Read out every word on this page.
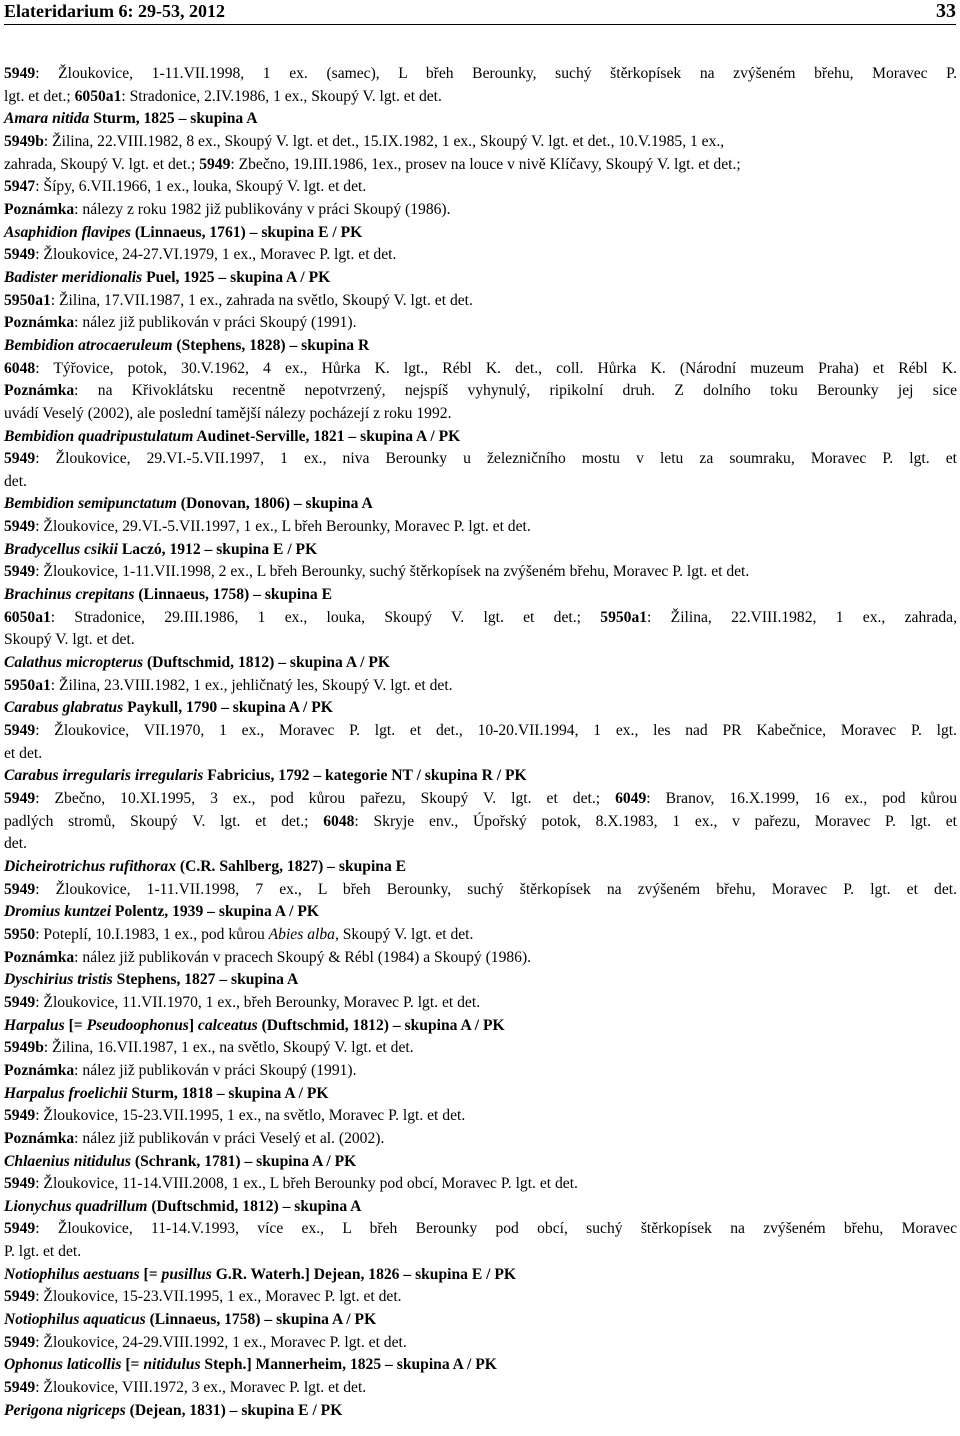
Elateridarium 6: 29-53, 2012	33
5949: Žloukovice, 1-11.VII.1998, 1 ex. (samec), L břeh Berounky, suchý štěrkopísek na zvýšeném břehu, Moravec P.
lgt. et det.; 6050a1: Stradonice, 2.IV.1986, 1 ex., Skoupý V. lgt. et det.
Amara nitida Sturm, 1825 – skupina A
5949b: Žilina, 22.VIII.1982, 8 ex., Skoupý V. lgt. et det., 15.IX.1982, 1 ex., Skoupý V. lgt. et det., 10.V.1985, 1 ex.,
zahrada, Skoupý V. lgt. et det.; 5949: Zbečno, 19.III.1986, 1ex., prosev na louce v nivě Klíčavy, Skoupý V. lgt. et det.;
5947: Šípy, 6.VII.1966, 1 ex., louka, Skoupý V. lgt. et det.
Poznámka: nálezy z roku 1982 již publikovány v práci Skoupý (1986).
Asaphidion flavipes (Linnaeus, 1761) – skupina E / PK
5949: Žloukovice, 24-27.VI.1979, 1 ex., Moravec P. lgt. et det.
Badister meridionalis Puel, 1925 – skupina A / PK
5950a1: Žilina, 17.VII.1987, 1 ex., zahrada na světlo, Skoupý V. lgt. et det.
Poznámka: nález již publikován v práci Skoupý (1991).
Bembidion atrocaeruleum (Stephens, 1828) – skupina R
6048: Týřovice, potok, 30.V.1962, 4 ex., Hůrka K. lgt., Rébl K. det., coll. Hůrka K. (Národní muzeum Praha) et Rébl K.
Poznámka: na Křivoklátsku recentně nepotvrzený, nejspíš vyhynulý, ripikolní druh. Z dolního toku Berounky jej sice
uvádí Veselý (2002), ale poslední tamější nálezy pocházejí z roku 1992.
Bembidion quadripustulatum Audinet-Serville, 1821 – skupina A / PK
5949: Žloukovice, 29.VI.-5.VII.1997, 1 ex., niva Berounky u železničního mostu v letu za soumraku, Moravec P. lgt. et
det.
Bembidion semipunctatum (Donovan, 1806) – skupina A
5949: Žloukovice, 29.VI.-5.VII.1997, 1 ex., L břeh Berounky, Moravec P. lgt. et det.
Bradycellus csikii Laczó, 1912 – skupina E / PK
5949: Žloukovice, 1-11.VII.1998, 2 ex., L břeh Berounky, suchý štěrkopísek na zvýšeném břehu, Moravec P. lgt. et det.
Brachinus crepitans (Linnaeus, 1758) – skupina E
6050a1: Stradonice, 29.III.1986, 1 ex., louka, Skoupý V. lgt. et det.; 5950a1: Žilina, 22.VIII.1982, 1 ex., zahrada,
Skoupý V. lgt. et det.
Calathus micropterus (Duftschmid, 1812) – skupina A / PK
5950a1: Žilina, 23.VIII.1982, 1 ex., jehličnatý les, Skoupý V. lgt. et det.
Carabus glabratus Paykull, 1790 – skupina A / PK
5949: Žloukovice, VII.1970, 1 ex., Moravec P. lgt. et det., 10-20.VII.1994, 1 ex., les nad PR Kabečnice, Moravec P. lgt.
et det.
Carabus irregularis irregularis Fabricius, 1792 – kategorie NT / skupina R / PK
5949: Zbečno, 10.XI.1995, 3 ex., pod kůrou pařezu, Skoupý V. lgt. et det.; 6049: Branov, 16.X.1999, 16 ex., pod kůrou
padlých stromů, Skoupý V. lgt. et det.; 6048: Skryje env., Úpořský potok, 8.X.1983, 1 ex., v pařezu, Moravec P. lgt. et
det.
Dicheirotrichus rufithorax (C.R. Sahlberg, 1827) – skupina E
5949: Žloukovice, 1-11.VII.1998, 7 ex., L břeh Berounky, suchý štěrkopísek na zvýšeném břehu, Moravec P. lgt. et det.
Dromius kuntzei Polentz, 1939 – skupina A / PK
5950: Poteplí, 10.I.1983, 1 ex., pod kůrou Abies alba, Skoupý V. lgt. et det.
Poznámka: nález již publikován v pracech Skoupý & Rébl (1984) a Skoupý (1986).
Dyschirius tristis Stephens, 1827 – skupina A
5949: Žloukovice, 11.VII.1970, 1 ex., břeh Berounky, Moravec P. lgt. et det.
Harpalus [= Pseudoophonus] calceatus (Duftschmid, 1812) – skupina A / PK
5949b: Žilina, 16.VII.1987, 1 ex., na světlo, Skoupý V. lgt. et det.
Poznámka: nález již publikován v práci Skoupý (1991).
Harpalus froelichii Sturm, 1818 – skupina A / PK
5949: Žloukovice, 15-23.VII.1995, 1 ex., na světlo, Moravec P. lgt. et det.
Poznámka: nález již publikován v práci Veselý et al. (2002).
Chlaenius nitidulus (Schrank, 1781) – skupina A / PK
5949: Žloukovice, 11-14.VIII.2008, 1 ex., L břeh Berounky pod obcí, Moravec P. lgt. et det.
Lionychus quadrillum (Duftschmid, 1812) – skupina A
5949: Žloukovice, 11-14.V.1993, více ex., L břeh Berounky pod obcí, suchý štěrkopísek na zvýšeném břehu, Moravec
P. lgt. et det.
Notiophilus aestuans [= pusillus G.R. Waterh.] Dejean, 1826 – skupina E / PK
5949: Žloukovice, 15-23.VII.1995, 1 ex., Moravec P. lgt. et det.
Notiophilus aquaticus (Linnaeus, 1758) – skupina A / PK
5949: Žloukovice, 24-29.VIII.1992, 1 ex., Moravec P. lgt. et det.
Ophonus laticollis [= nitidulus Steph.] Mannerheim, 1825 – skupina A / PK
5949: Žloukovice, VIII.1972, 3 ex., Moravec P. lgt. et det.
Perigona nigriceps (Dejean, 1831) – skupina E / PK
